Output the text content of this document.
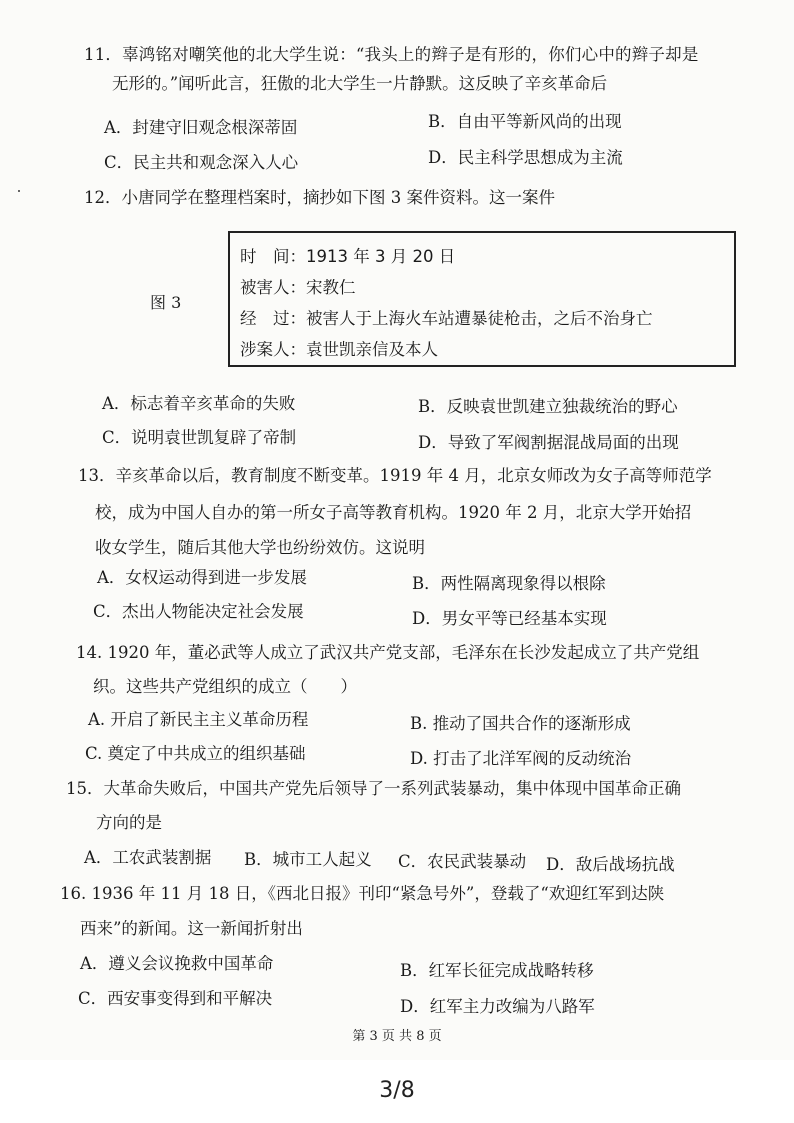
11．辜鸿铭对嘲笑他的北大学生说：“我头上的辫子是有形的，你们心中的辫子却是
无形的。”闻听此言，狂傲的北大学生一片静默。这反映了辛亥革命后
A．封建守旧观念根深蒂固	B．自由平等新风尚的出现
C．民主共和观念深入人心	D．民主科学思想成为主流
12．小唐同学在整理档案时，摘抄如下图 3 案件资料。这一案件
图 3
时　间：1913 年 3 月 20 日
被害人：宋教仁
经　过：被害人于上海火车站遭暴徒枪击，之后不治身亡
涉案人：袁世凯亲信及本人
A．标志着辛亥革命的失败	B．反映袁世凯建立独裁统治的野心
C．说明袁世凯复辟了帝制	D．导致了军阀割据混战局面的出现
13．辛亥革命以后，教育制度不断变革。1919 年 4 月，北京女师改为女子高等师范学
校，成为中国人自办的第一所女子高等教育机构。1920 年 2 月，北京大学开始招
收女学生，随后其他大学也纷纷效仿。这说明
A．女权运动得到进一步发展	B．两性隔离现象得以根除
C．杰出人物能决定社会发展	D．男女平等已经基本实现
14. 1920 年，董必武等人成立了武汉共产党支部，毛泽东在长沙发起成立了共产党组
织。这些共产党组织的成立（　　）
A. 开启了新民主主义革命历程	B. 推动了国共合作的逐渐形成
C. 奠定了中共成立的组织基础	D. 打击了北洋军阀的反动统治
15．大革命失败后，中国共产党先后领导了一系列武装暴动，集中体现中国革命正确
方向的是
A．工农武装割据 B．城市工人起义 C．农民武装暴动 D．敌后战场抗战
16. 1936 年 11 月 18 日，《西北日报》刊印“紧急号外”，登载了“欢迎红军到达陕
西来”的新闻。这一新闻折射出
A．遵义会议挽救中国革命	B．红军长征完成战略转移
C．西安事变得到和平解决	D．红军主力改编为八路军
第 3 页 共 8 页
3/8
